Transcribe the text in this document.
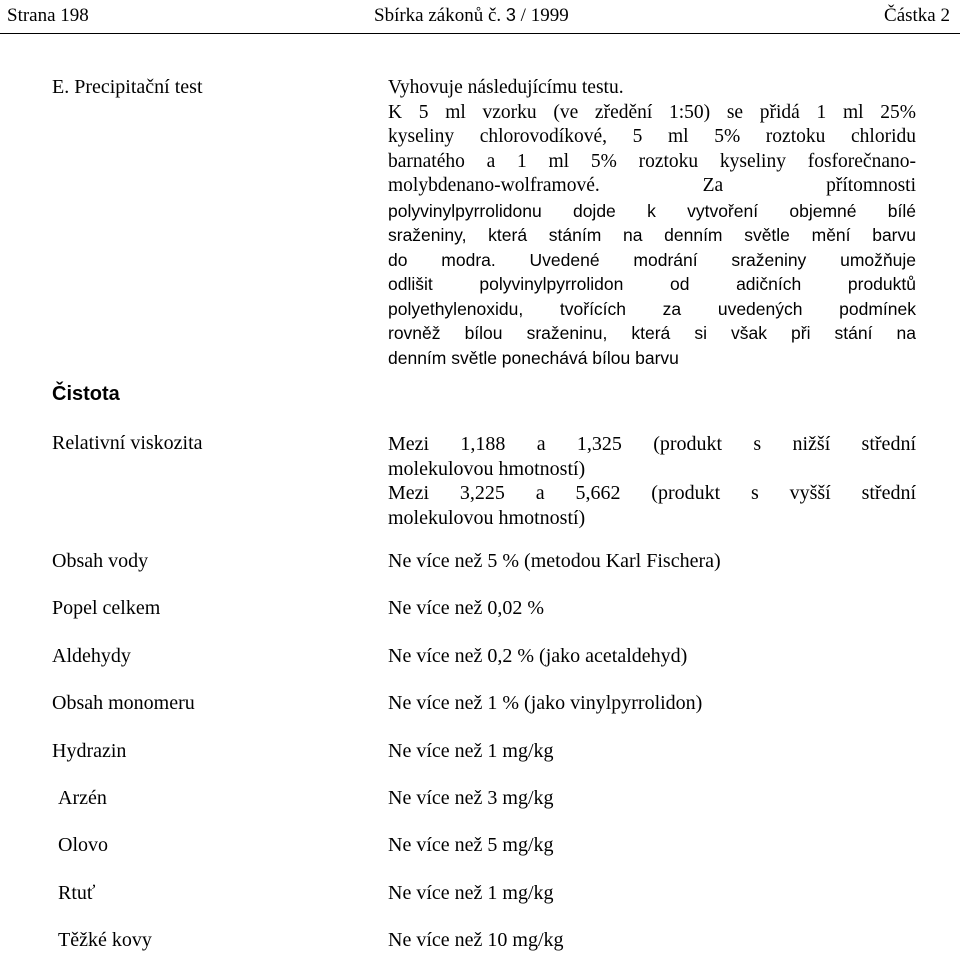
Strana 198	Sbírka zákonů č. 3 / 1999	Částka 2
E. Precipitační test	Vyhovuje následujícímu testu.
K 5 ml vzorku (ve zředění 1:50) se přidá 1 ml 25%
kyseliny chlorovodíkové, 5 ml 5% roztoku chloridu
barnatého a 1 ml 5% roztoku kyseliny fosforečnano-
molybdenano-wolframové. Za přítomnosti
polyvinylpyrrolidonu dojde k vytvoření objemné bílé
sraženiny, která stáním na denním světle mění barvu
do modra. Uvedené modrání sraženiny umožňuje
odlišit polyvinylpyrrolidon od adičních produktů
polyethylenoxidu, tvořících za uvedených podmínek
rovněž bílou sraženinu, která si však při stání na
denním světle ponechává bílou barvu
Čistota
Relativní viskozita	Mezi 1,188 a 1,325 (produkt s nižší střední
molekulovou hmotností)
Mezi 3,225 a 5,662 (produkt s vyšší střední
molekulovou hmotností)
Obsah vody	Ne více než 5 % (metodou Karl Fischera)
Popel celkem	Ne více než 0,02 %
Aldehydy	Ne více než 0,2 % (jako acetaldehyd)
Obsah monomeru	Ne více než 1 % (jako vinylpyrrolidon)
Hydrazin	Ne více než 1 mg/kg
Arzén	Ne více než 3 mg/kg
Olovo	Ne více než 5 mg/kg
Rtuť	Ne více než 1 mg/kg
Těžké kovy	Ne více než 10 mg/kg
